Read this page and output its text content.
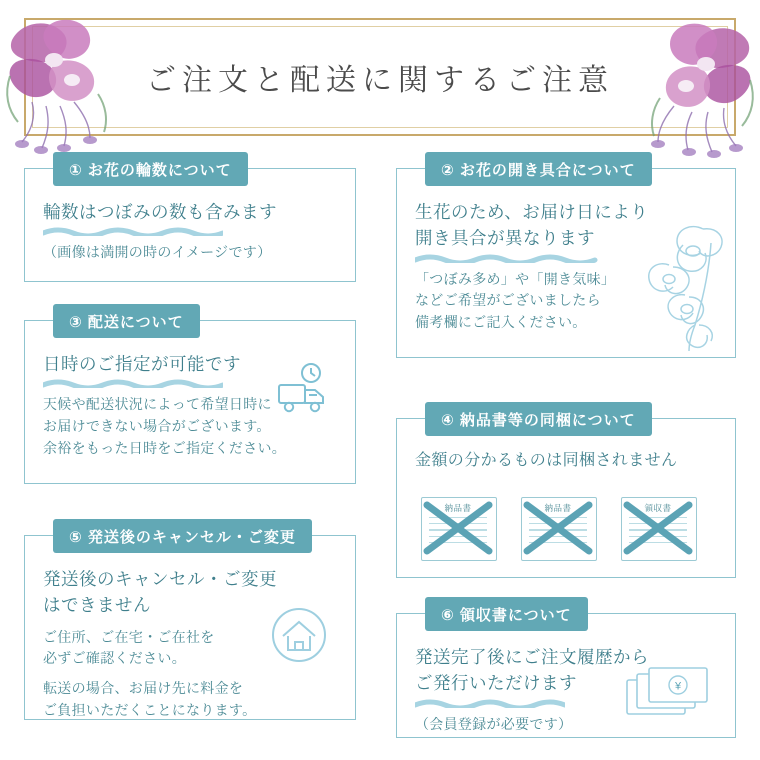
ご注文と配送に関するご注意
① お花の輪数について
輪数はつぼみの数も含みます
（画像は満開の時のイメージです）
② お花の開き具合について
生花のため、お届け日により
開き具合が異なります
「つぼみ多め」や「開き気味」
などご希望がございましたら
備考欄にご記入ください。
③ 配送について
日時のご指定が可能です
天候や配送状況によって希望日時に
お届けできない場合がございます。
余裕をもった日時をご指定ください。
④ 納品書等の同梱について
金額の分かるものは同梱されません
納品書	納品書	領収書
⑤ 発送後のキャンセル・ご変更
発送後のキャンセル・ご変更
はできません
ご住所、ご在宅・ご在社を
必ずご確認ください。
転送の場合、お届け先に料金を
ご負担いただくことになります。
⑥ 領収書について
発送完了後にご注文履歴から
ご発行いただけます
（会員登録が必要です）
¥
